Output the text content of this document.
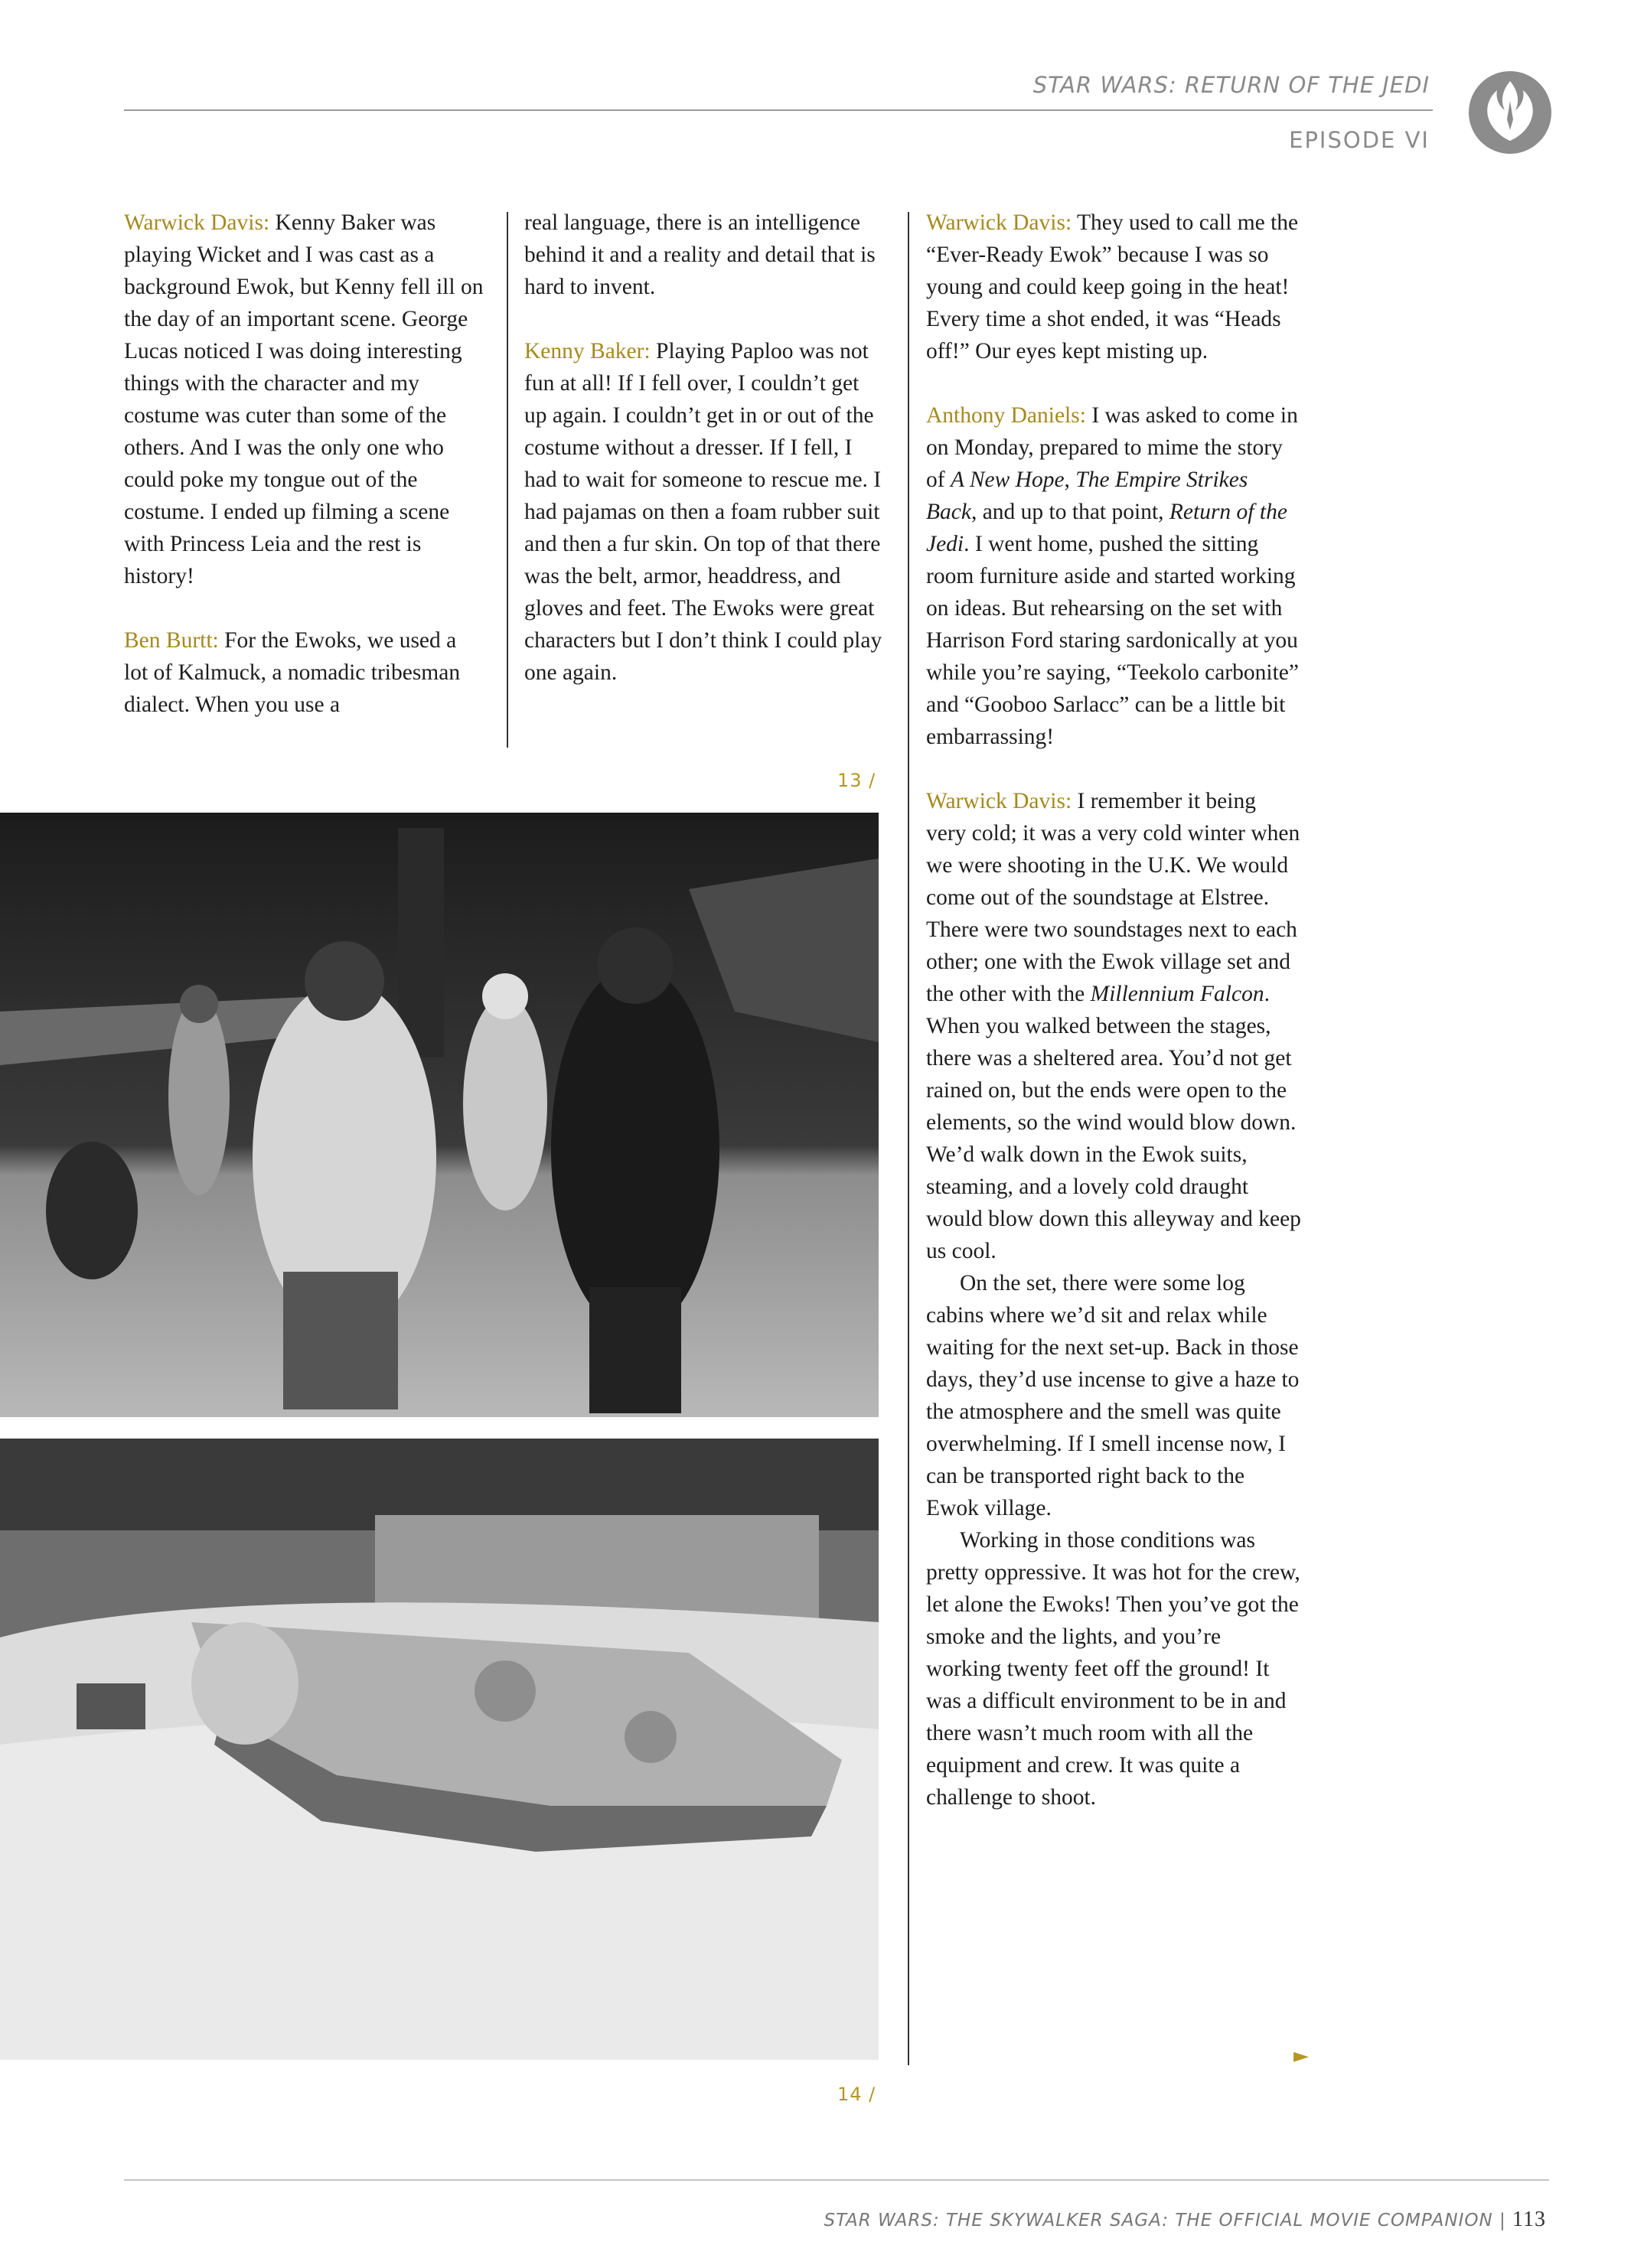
STAR WARS: RETURN OF THE JEDI
EPISODE VI

Warwick Davis: Kenny Baker was playing Wicket and I was cast as a background Ewok, but Kenny fell ill on the day of an important scene. George Lucas noticed I was doing interesting things with the character and my costume was cuter than some of the others. And I was the only one who could poke my tongue out of the costume. I ended up filming a scene with Princess Leia and the rest is history!

Ben Burtt: For the Ewoks, we used a lot of Kalmuck, a nomadic tribesman dialect. When you use a

real language, there is an intelligence behind it and a reality and detail that is hard to invent.

Kenny Baker: Playing Paploo was not fun at all! If I fell over, I couldn’t get up again. I couldn’t get in or out of the costume without a dresser. If I fell, I had to wait for someone to rescue me. I had pajamas on then a foam rubber suit and then a fur skin. On top of that there was the belt, armor, headdress, and gloves and feet. The Ewoks were great characters but I don’t think I could play one again.

13 /
14 /

Warwick Davis: They used to call me the “Ever-Ready Ewok” because I was so young and could keep going in the heat! Every time a shot ended, it was “Heads off!” Our eyes kept misting up.

Anthony Daniels: I was asked to come in on Monday, prepared to mime the story of A New Hope, The Empire Strikes Back, and up to that point, Return of the Jedi. I went home, pushed the sitting room furniture aside and started working on ideas. But rehearsing on the set with Harrison Ford staring sardonically at you while you’re saying, “Teekolo carbonite” and “Gooboo Sarlacc” can be a little bit embarrassing!

Warwick Davis: I remember it being very cold; it was a very cold winter when we were shooting in the U.K. We would come out of the soundstage at Elstree. There were two soundstages next to each other; one with the Ewok village set and the other with the Millennium Falcon. When you walked between the stages, there was a sheltered area. You’d not get rained on, but the ends were open to the elements, so the wind would blow down. We’d walk down in the Ewok suits, steaming, and a lovely cold draught would blow down this alleyway and keep us cool.

On the set, there were some log cabins where we’d sit and relax while waiting for the next set-up. Back in those days, they’d use incense to give a haze to the atmosphere and the smell was quite overwhelming. If I smell incense now, I can be transported right back to the Ewok village.

Working in those conditions was pretty oppressive. It was hot for the crew, let alone the Ewoks! Then you’ve got the smoke and the lights, and you’re working twenty feet off the ground! It was a difficult environment to be in and there wasn’t much room with all the equipment and crew. It was quite a challenge to shoot.

►
STAR WARS: THE SKYWALKER SAGA: THE OFFICIAL MOVIE COMPANION | 113
